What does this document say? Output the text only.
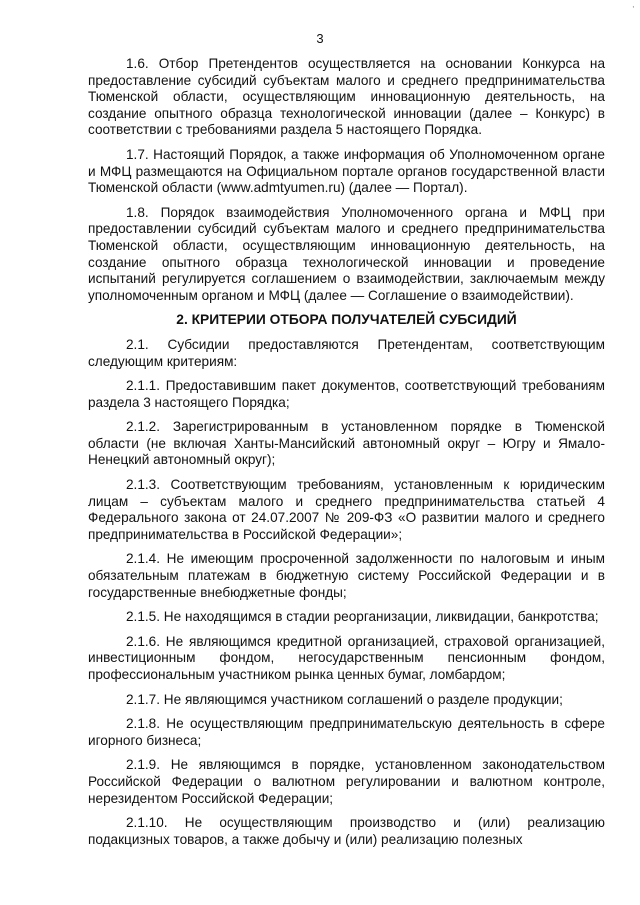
'
3

1.6. Отбор Претендентов осуществляется на основании Конкурса на предоставление субсидий субъектам малого и среднего предпринимательства Тюменской области, осуществляющим инновационную деятельность, на создание опытного образца технологической инновации (далее – Конкурс) в соответствии с требованиями раздела 5 настоящего Порядка.

1.7. Настоящий Порядок, а также информация об Уполномоченном органе и МФЦ размещаются на Официальном портале органов государственной власти Тюменской области (www.admtyumen.ru) (далее — Портал).

1.8. Порядок взаимодействия Уполномоченного органа и МФЦ при предоставлении субсидий субъектам малого и среднего предпринимательства Тюменской области, осуществляющим инновационную деятельность, на создание опытного образца технологической инновации и проведение испытаний регулируется соглашением о взаимодействии, заключаемым между уполномоченным органом и МФЦ (далее — Соглашение о взаимодействии).

2. КРИТЕРИИ ОТБОРА ПОЛУЧАТЕЛЕЙ СУБСИДИЙ

2.1. Субсидии предоставляются Претендентам, соответствующим следующим критериям:

2.1.1. Предоставившим пакет документов, соответствующий требованиям раздела 3 настоящего Порядка;

2.1.2. Зарегистрированным в установленном порядке в Тюменской области (не включая Ханты-Мансийский автономный округ – Югру и Ямало-Ненецкий автономный округ);

2.1.3. Соответствующим требованиям, установленным к юридическим лицам – субъектам малого и среднего предпринимательства статьей 4 Федерального закона от 24.07.2007 № 209-ФЗ «О развитии малого и среднего предпринимательства в Российской Федерации»;

2.1.4. Не имеющим просроченной задолженности по налоговым и иным обязательным платежам в бюджетную систему Российской Федерации и в государственные внебюджетные фонды;

2.1.5. Не находящимся в стадии реорганизации, ликвидации, банкротства;

2.1.6. Не являющимся кредитной организацией, страховой организацией, инвестиционным фондом, негосударственным пенсионным фондом, профессиональным участником рынка ценных бумаг, ломбардом;

2.1.7. Не являющимся участником соглашений о разделе продукции;

2.1.8. Не осуществляющим предпринимательскую деятельность в сфере игорного бизнеса;

2.1.9. Не являющимся в порядке, установленном законодательством Российской Федерации о валютном регулировании и валютном контроле, нерезидентом Российской Федерации;

2.1.10. Не осуществляющим производство и (или) реализацию подакцизных товаров, а также добычу и (или) реализацию полезных
